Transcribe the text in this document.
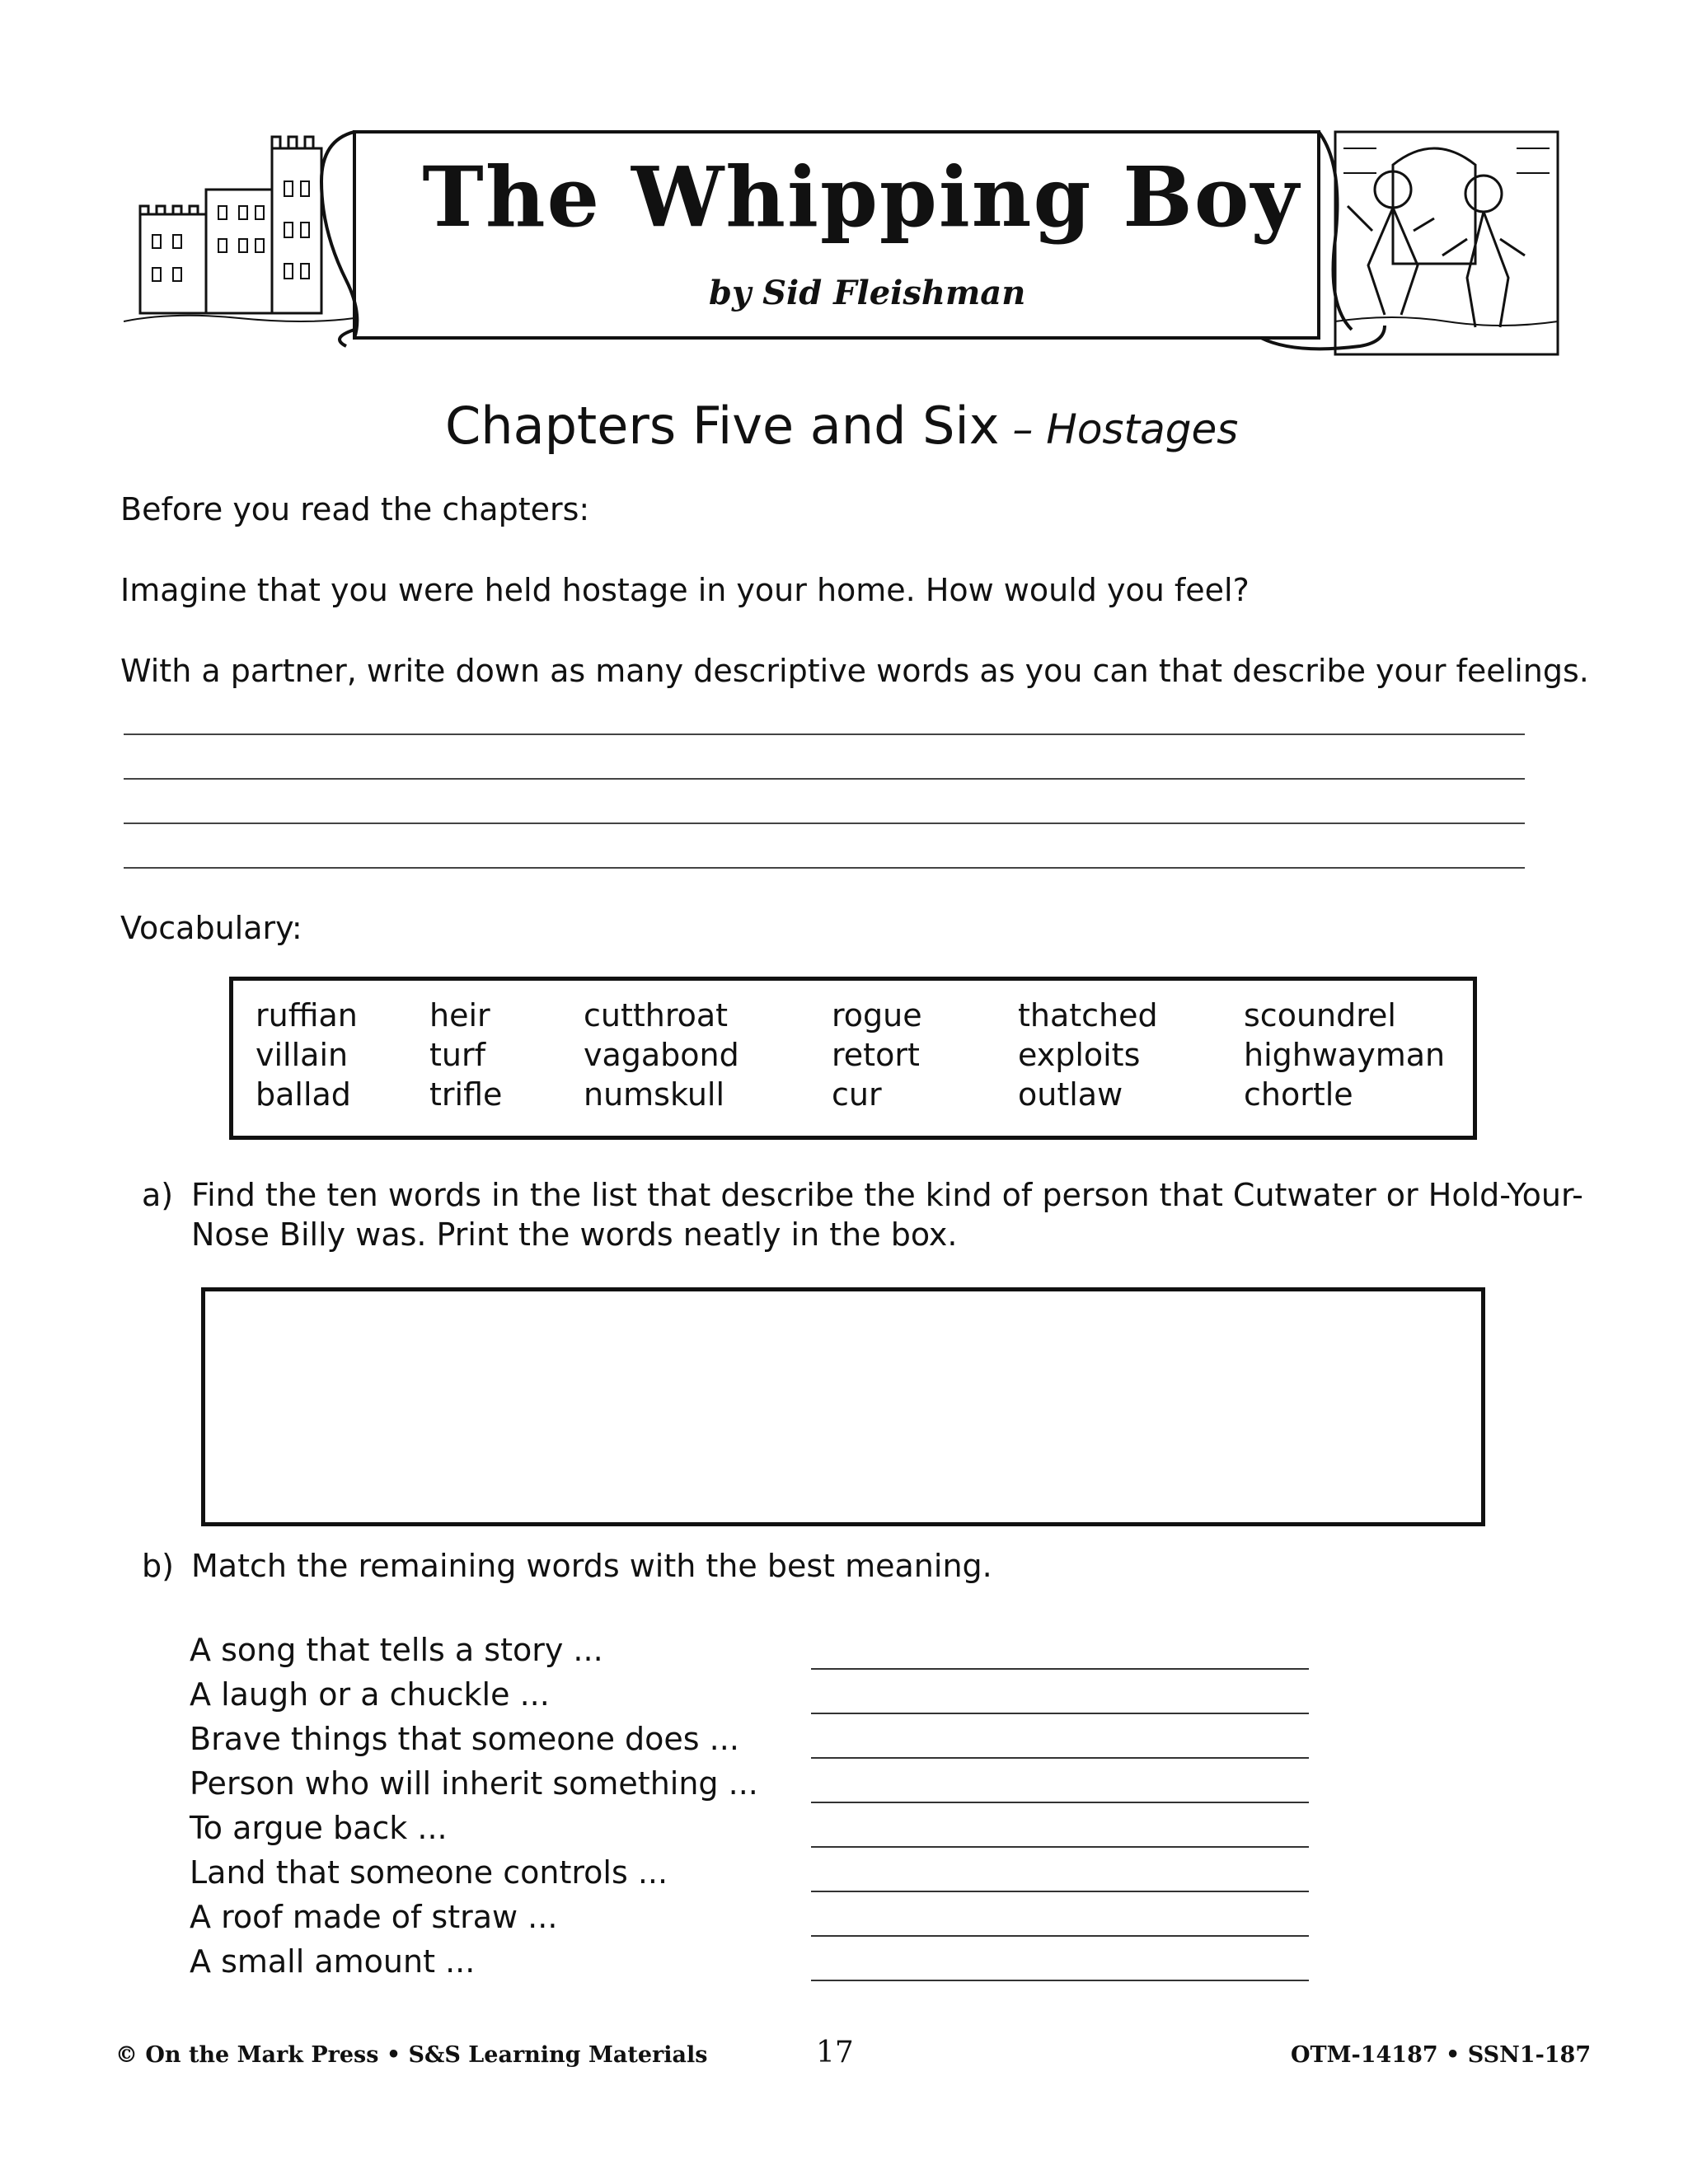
The Whipping Boy
by Sid Fleishman
Chapters Five and Six – Hostages
Before you read the chapters:
Imagine that you were held hostage in your home. How would you feel?
With a partner, write down as many descriptive words as you can that describe your feelings.
Vocabulary:
ruffian
villain
ballad
heir
turf
trifle
cutthroat
vagabond
numskull
rogue
retort
cur
thatched
exploits
outlaw
scoundrel
highwayman
chortle
a) Find the ten words in the list that describe the kind of person that Cutwater or Hold-Your-
Nose Billy was. Print the words neatly in the box.
b) Match the remaining words with the best meaning.
A song that tells a story ...
A laugh or a chuckle ...
Brave things that someone does ...
Person who will inherit something ...
To argue back ...
Land that someone controls ...
A roof made of straw ...
A small amount ...
© On the Mark Press • S&S Learning Materials	17	OTM-14187 • SSN1-187
